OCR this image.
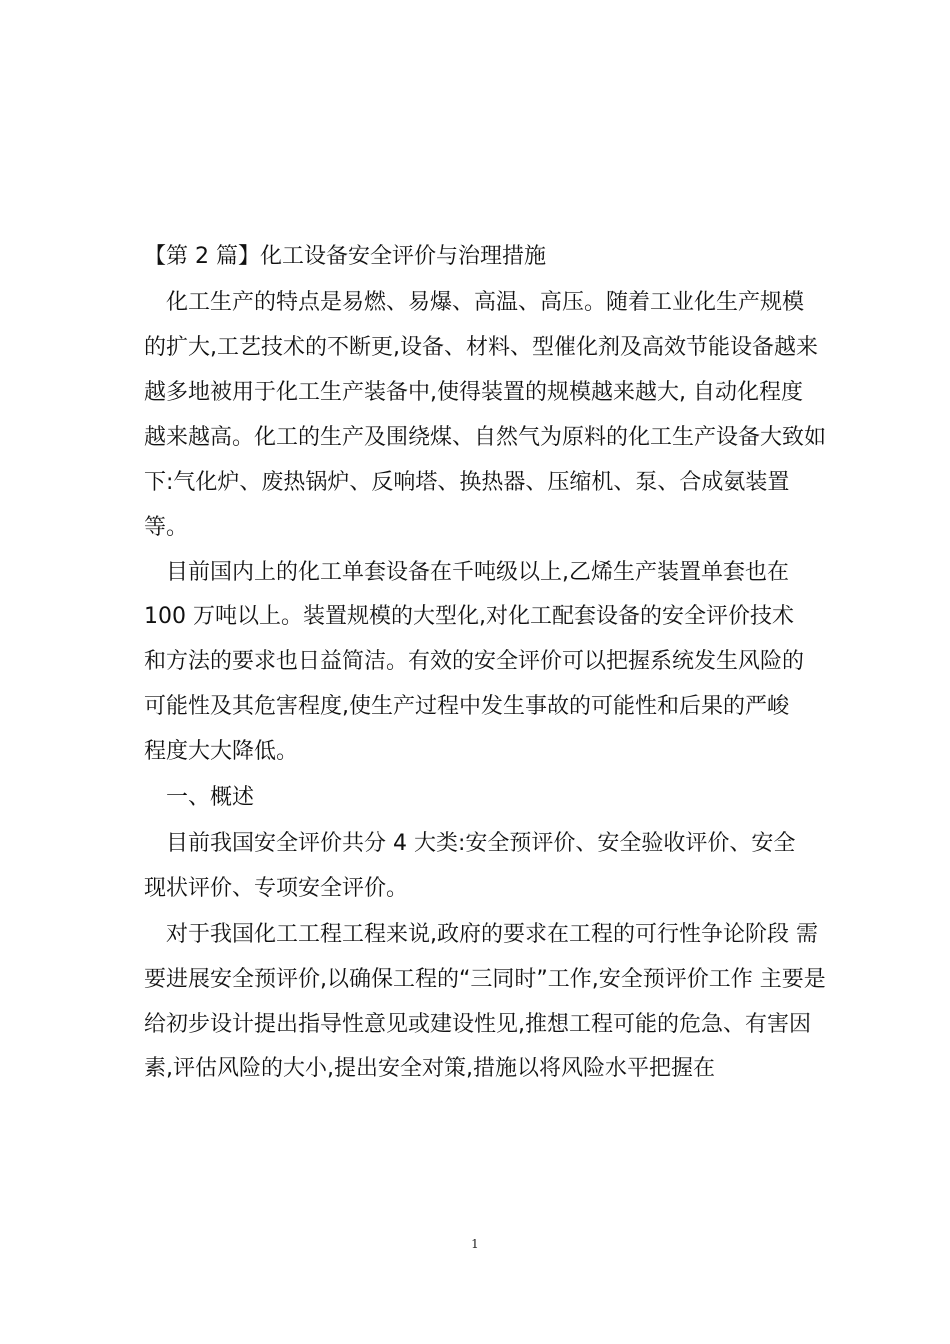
【第 2 篇】化工设备安全评价与治理措施
化工生产的特点是易燃、易爆、高温、高压。随着工业化生产规模
的扩大,工艺技术的不断更,设备、材料、型催化剂及高效节能设备越来
越多地被用于化工生产装备中,使得装置的规模越来越大, 自动化程度
越来越高。化工的生产及围绕煤、自然气为原料的化工生产设备大致如
下:气化炉、废热锅炉、反响塔、换热器、压缩机、泵、合成氨装置
等。
目前国内上的化工单套设备在千吨级以上,乙烯生产装置单套也在
100 万吨以上。装置规模的大型化,对化工配套设备的安全评价技术
和方法的要求也日益简洁。有效的安全评价可以把握系统发生风险的
可能性及其危害程度,使生产过程中发生事故的可能性和后果的严峻
程度大大降低。
一、概述
目前我国安全评价共分 4 大类:安全预评价、安全验收评价、安全
现状评价、专项安全评价。
对于我国化工工程工程来说,政府的要求在工程的可行性争论阶段 需
要进展安全预评价,以确保工程的“三同时”工作,安全预评价工作 主要是
给初步设计提出指导性意见或建设性见,推想工程可能的危急、有害因
素,评估风险的大小,提出安全对策,措施以将风险水平把握在
1
